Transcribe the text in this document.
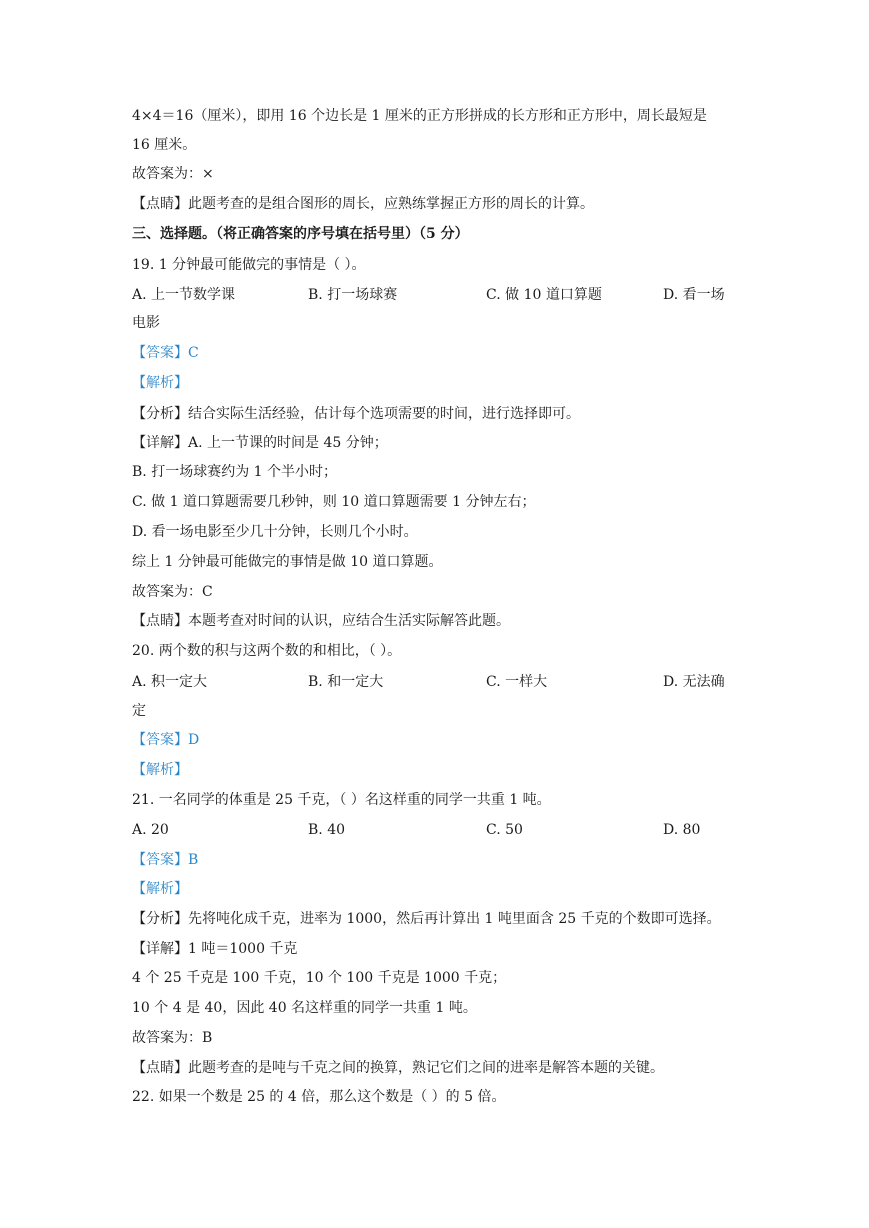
4×4＝16（厘米），即用 16 个边长是 1 厘米的正方形拼成的长方形和正方形中，周长最短是
16 厘米。
故答案为：×
【点睛】此题考查的是组合图形的周长，应熟练掌握正方形的周长的计算。
三、选择题。（将正确答案的序号填在括号里）（5 分）
19. 1 分钟最可能做完的事情是（ ）。
A. 上一节数学课	B. 打一场球赛	C. 做 10 道口算题	D. 看一场
电影
【答案】C
【解析】
【分析】结合实际生活经验，估计每个选项需要的时间，进行选择即可。
【详解】A. 上一节课的时间是 45 分钟；
B. 打一场球赛约为 1 个半小时；
C. 做 1 道口算题需要几秒钟，则 10 道口算题需要 1 分钟左右；
D. 看一场电影至少几十分钟，长则几个小时。
综上 1 分钟最可能做完的事情是做 10 道口算题。
故答案为：C
【点睛】本题考查对时间的认识，应结合生活实际解答此题。
20. 两个数的积与这两个数的和相比，（ ）。
A. 积一定大	B. 和一定大	C. 一样大	D. 无法确
定
【答案】D
【解析】
21. 一名同学的体重是 25 千克，（ ）名这样重的同学一共重 1 吨。
A. 20	B. 40	C. 50	D. 80
【答案】B
【解析】
【分析】先将吨化成千克，进率为 1000，然后再计算出 1 吨里面含 25 千克的个数即可选择。
【详解】1 吨＝1000 千克
4 个 25 千克是 100 千克，10 个 100 千克是 1000 千克；
10 个 4 是 40，因此 40 名这样重的同学一共重 1 吨。
故答案为：B
【点睛】此题考查的是吨与千克之间的换算，熟记它们之间的进率是解答本题的关键。
22. 如果一个数是 25 的 4 倍，那么这个数是（ ）的 5 倍。
